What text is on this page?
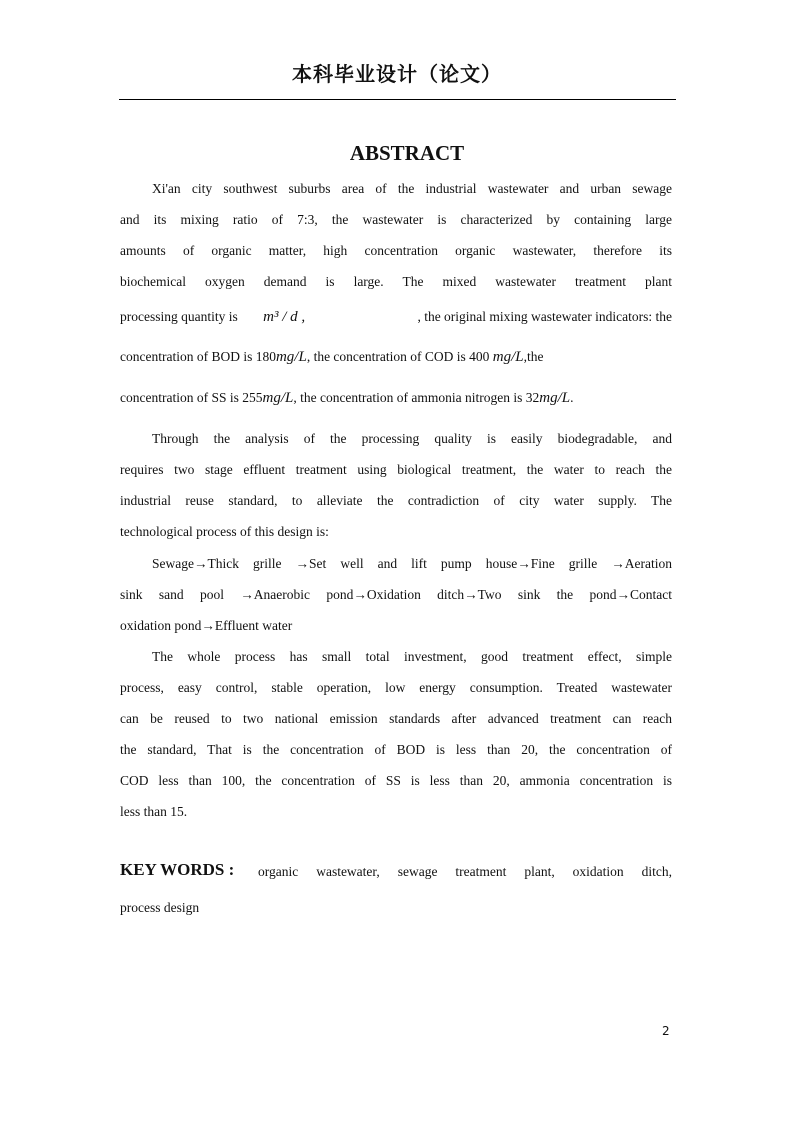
本科毕业设计（论文）
ABSTRACT
Xi'an city southwest suburbs area of the industrial wastewater and urban sewage
and its mixing ratio of 7:3, the wastewater is characterized by containing large
amounts of organic matter, high concentration organic wastewater, therefore its
biochemical oxygen demand is large. The mixed wastewater treatment plant
processing quantity is m³ / d ,	, the original mixing wastewater indicators: the
concentration of BOD is 180mg/L, the concentration of COD is 400 mg/L,the
concentration of SS is 255mg/L, the concentration of ammonia nitrogen is 32mg/L.
Through the analysis of the processing quality is easily biodegradable, and
requires two stage effluent treatment using biological treatment, the water to reach the
industrial reuse standard, to alleviate the contradiction of city water supply. The
technological process of this design is:
Sewage→Thick grille →Set well and lift pump house→Fine grille →Aeration
sink sand pool →Anaerobic pond→Oxidation ditch→Two sink the pond→Contact
oxidation pond→Effluent water
The whole process has small total investment, good treatment effect, simple
process, easy control, stable operation, low energy consumption. Treated wastewater
can be reused to two national emission standards after advanced treatment can reach
the standard, That is the concentration of BOD is less than 20, the concentration of
COD less than 100, the concentration of SS is less than 20, ammonia concentration is
less than 15.
KEY WORDS : organic wastewater, sewage treatment plant, oxidation ditch,
process design
2
